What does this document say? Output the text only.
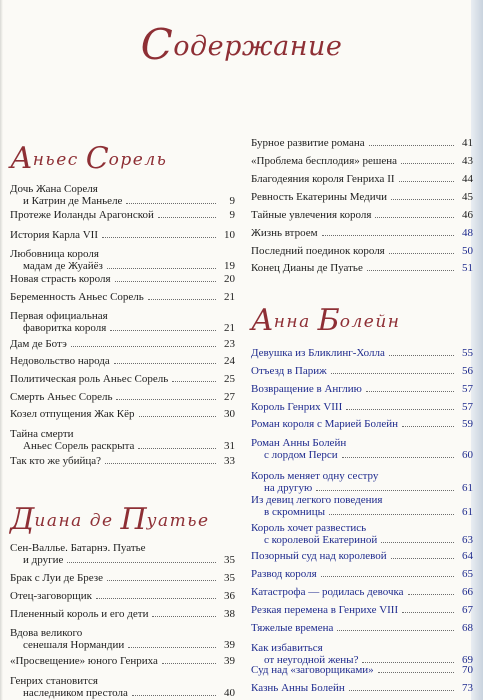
Содержание
Аньес Сорель
Дочь Жана Сореля
и Катрин де Маньеле	9
Протеже Иоланды Арагонской	9
История Карла VII	10
Любовница короля
мадам де Жуайёз	19
Новая страсть короля	20
Беременность Аньес Сорель	21
Первая официальная
фаворитка короля	21
Дам де Ботэ	23
Недовольство народа	24
Политическая роль Аньес Сорель	25
Смерть Аньес Сорель	27
Козел отпущения Жак Кёр	30
Тайна смерти
Аньес Сорель раскрыта	31
Так кто же убийца?	33
Диана де Пуатье
Сен-Валлье. Батарнэ. Пуатье
и другие	35
Брак с Луи де Брезе	35
Отец-заговорщик	36
Плененный король и его дети	38
Вдова великого
сенешаля Нормандии	39
«Просвещение» юного Генриха	39
Генрих становится
наследником престола	40
Бурное развитие романа	41
«Проблема бесплодия» решена	43
Благодеяния короля Генриха II	44
Ревность Екатерины Медичи	45
Тайные увлечения короля	46
Жизнь втроем	48
Последний поединок короля	50
Конец Дианы де Пуатье	51
Анна Болейн
Девушка из Бликлинг-Холла	55
Отъезд в Париж	56
Возвращение в Англию	57
Король Генрих VIII	57
Роман короля с Марией Болейн	59
Роман Анны Болейн
с лордом Перси	60
Король меняет одну сестру
на другую	61
Из девиц легкого поведения
в скромницы	61
Король хочет развестись
с королевой Екатериной	63
Позорный суд над королевой	64
Развод короля	65
Катастрофа — родилась девочка	66
Резкая перемена в Генрихе VIII	67
Тяжелые времена	68
Как избавиться
от неугодной жены?	69
Суд над «заговорщиками»	70
Казнь Анны Болейн	73
